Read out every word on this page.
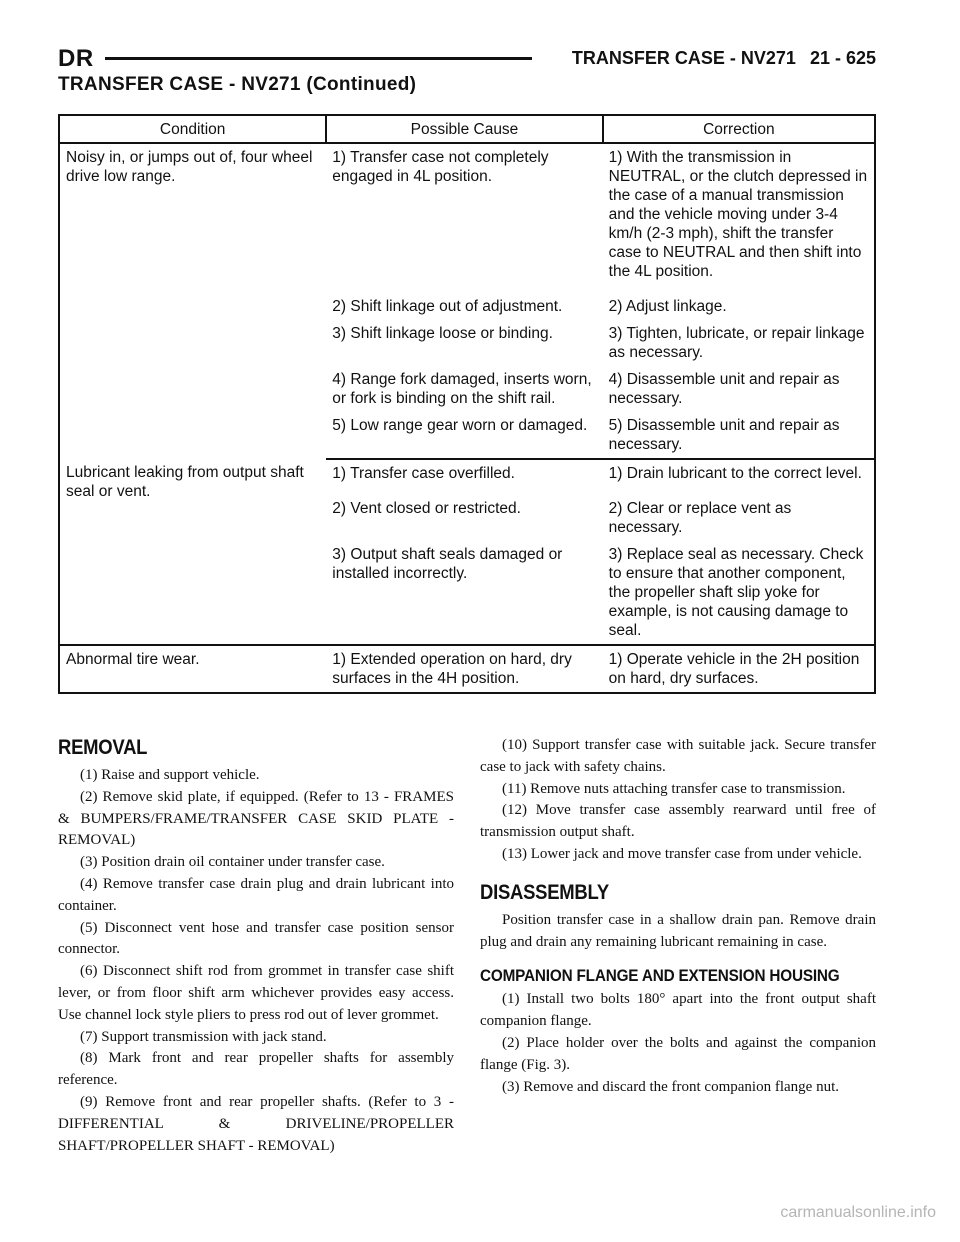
DR	TRANSFER CASE - NV271 21 - 625
TRANSFER CASE - NV271 (Continued)
Condition	Possible Cause	Correction
Noisy in, or jumps out of, four wheel drive low range.	1) Transfer case not completely engaged in 4L position.	1) With the transmission in NEUTRAL, or the clutch depressed in the case of a manual transmission and the vehicle moving under 3-4 km/h (2-3 mph), shift the transfer case to NEUTRAL and then shift into the 4L position.
	2) Shift linkage out of adjustment.	2) Adjust linkage.
	3) Shift linkage loose or binding.	3) Tighten, lubricate, or repair linkage as necessary.
	4) Range fork damaged, inserts worn, or fork is binding on the shift rail.	4) Disassemble unit and repair as necessary.
	5) Low range gear worn or damaged.	5) Disassemble unit and repair as necessary.
Lubricant leaking from output shaft seal or vent.	1) Transfer case overfilled.	1) Drain lubricant to the correct level.
	2) Vent closed or restricted.	2) Clear or replace vent as necessary.
	3) Output shaft seals damaged or installed incorrectly.	3) Replace seal as necessary. Check to ensure that another component, the propeller shaft slip yoke for example, is not causing damage to seal.
Abnormal tire wear.	1) Extended operation on hard, dry surfaces in the 4H position.	1) Operate vehicle in the 2H position on hard, dry surfaces.
REMOVAL

(1) Raise and support vehicle.

(2) Remove skid plate, if equipped. (Refer to 13 - FRAMES & BUMPERS/FRAME/TRANSFER CASE SKID PLATE - REMOVAL)

(3) Position drain oil container under transfer case.

(4) Remove transfer case drain plug and drain lubricant into container.

(5) Disconnect vent hose and transfer case position sensor connector.

(6) Disconnect shift rod from grommet in transfer case shift lever, or from floor shift arm whichever provides easy access. Use channel lock style pliers to press rod out of lever grommet.

(7) Support transmission with jack stand.

(8) Mark front and rear propeller shafts for assembly reference.

(9) Remove front and rear propeller shafts. (Refer to 3 - DIFFERENTIAL & DRIVELINE/PROPELLER SHAFT/PROPELLER SHAFT - REMOVAL)

(10) Support transfer case with suitable jack. Secure transfer case to jack with safety chains.

(11) Remove nuts attaching transfer case to transmission.

(12) Move transfer case assembly rearward until free of transmission output shaft.

(13) Lower jack and move transfer case from under vehicle.

DISASSEMBLY

Position transfer case in a shallow drain pan. Remove drain plug and drain any remaining lubricant remaining in case.

COMPANION FLANGE AND EXTENSION HOUSING

(1) Install two bolts 180° apart into the front output shaft companion flange.

(2) Place holder over the bolts and against the companion flange (Fig. 3).

(3) Remove and discard the front companion flange nut.

carmanualsonline.info
